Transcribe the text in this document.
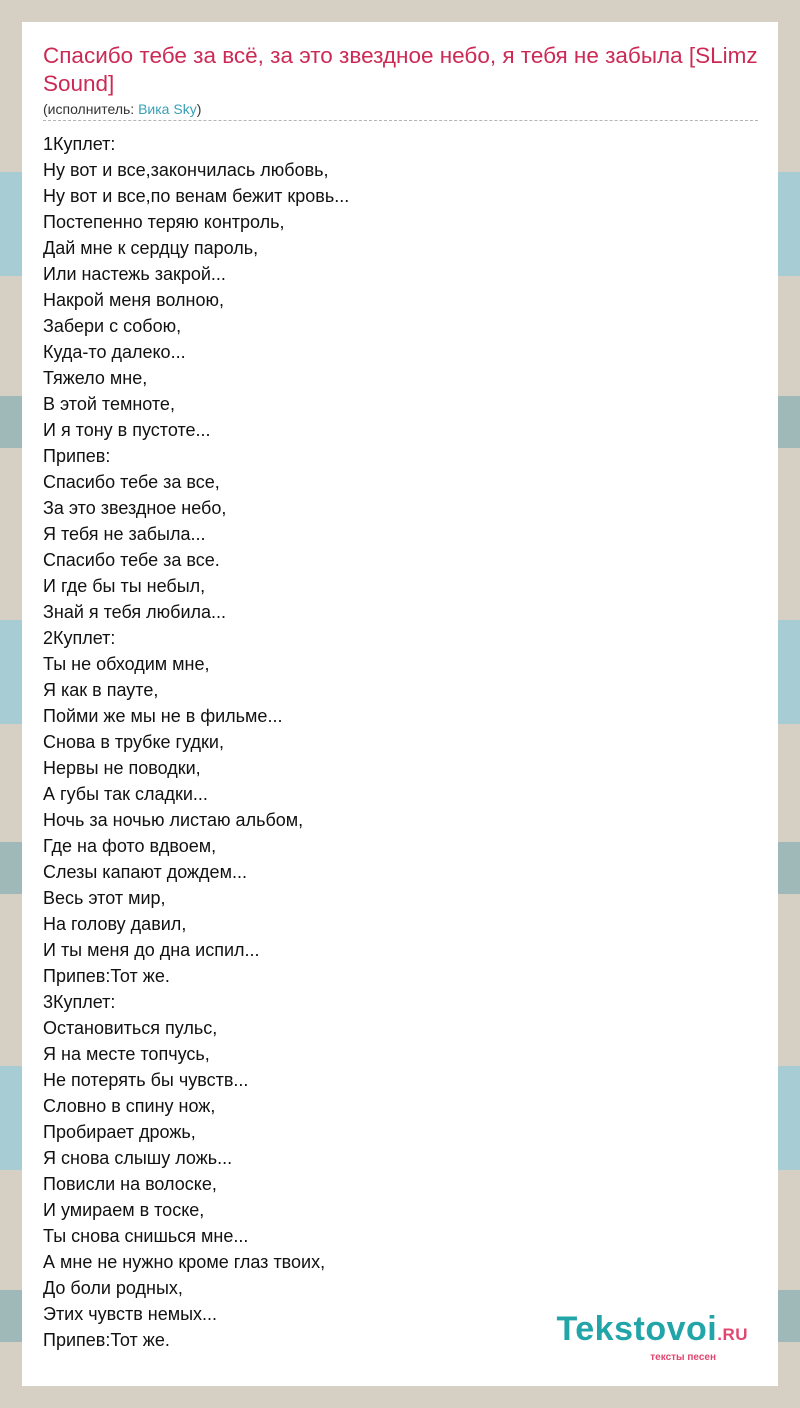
Спасибо тебе за всё, за это звездное небо, я тебя не забыла [SLimz Sound]
(исполнитель: Вика Sky)
1Куплет:
Ну вот и все,закончилась любовь,
Ну вот и все,по венам бежит кровь...
Постепенно теряю контроль,
Дай мне к сердцу пароль,
Или настежь закрой...
Накрой меня волною,
Забери с собою,
Куда-то далеко...
Тяжело мне,
В этой темноте,
И я тону в пустоте...
Припев:
Спасибо тебе за все,
За это звездное небо,
Я тебя не забыла...
Спасибо тебе за все.
И где бы ты небыл,
Знай я тебя любила...
2Куплет:
Ты не обходим мне,
Я как в пауте,
Пойми же мы не в фильме...
Снова в трубке гудки,
Нервы не поводки,
А губы так сладки...
Ночь за ночью листаю альбом,
Где на фото вдвоем,
Слезы капают дождем...
Весь этот мир,
На голову давил,
И ты меня до дна испил...
Припев:Тот же.
3Куплет:
Остановиться пульс,
Я на месте топчусь,
Не потерять бы чувств...
Словно в спину нож,
Пробирает дрожь,
Я снова слышу ложь...
Повисли на волоске,
И умираем в тоске,
Ты снова снишься мне...
А мне не нужно кроме глаз твоих,
До боли родных,
Этих чувств немых...
Припев:Тот же.	Tekstovoi.RU
тексты песен
